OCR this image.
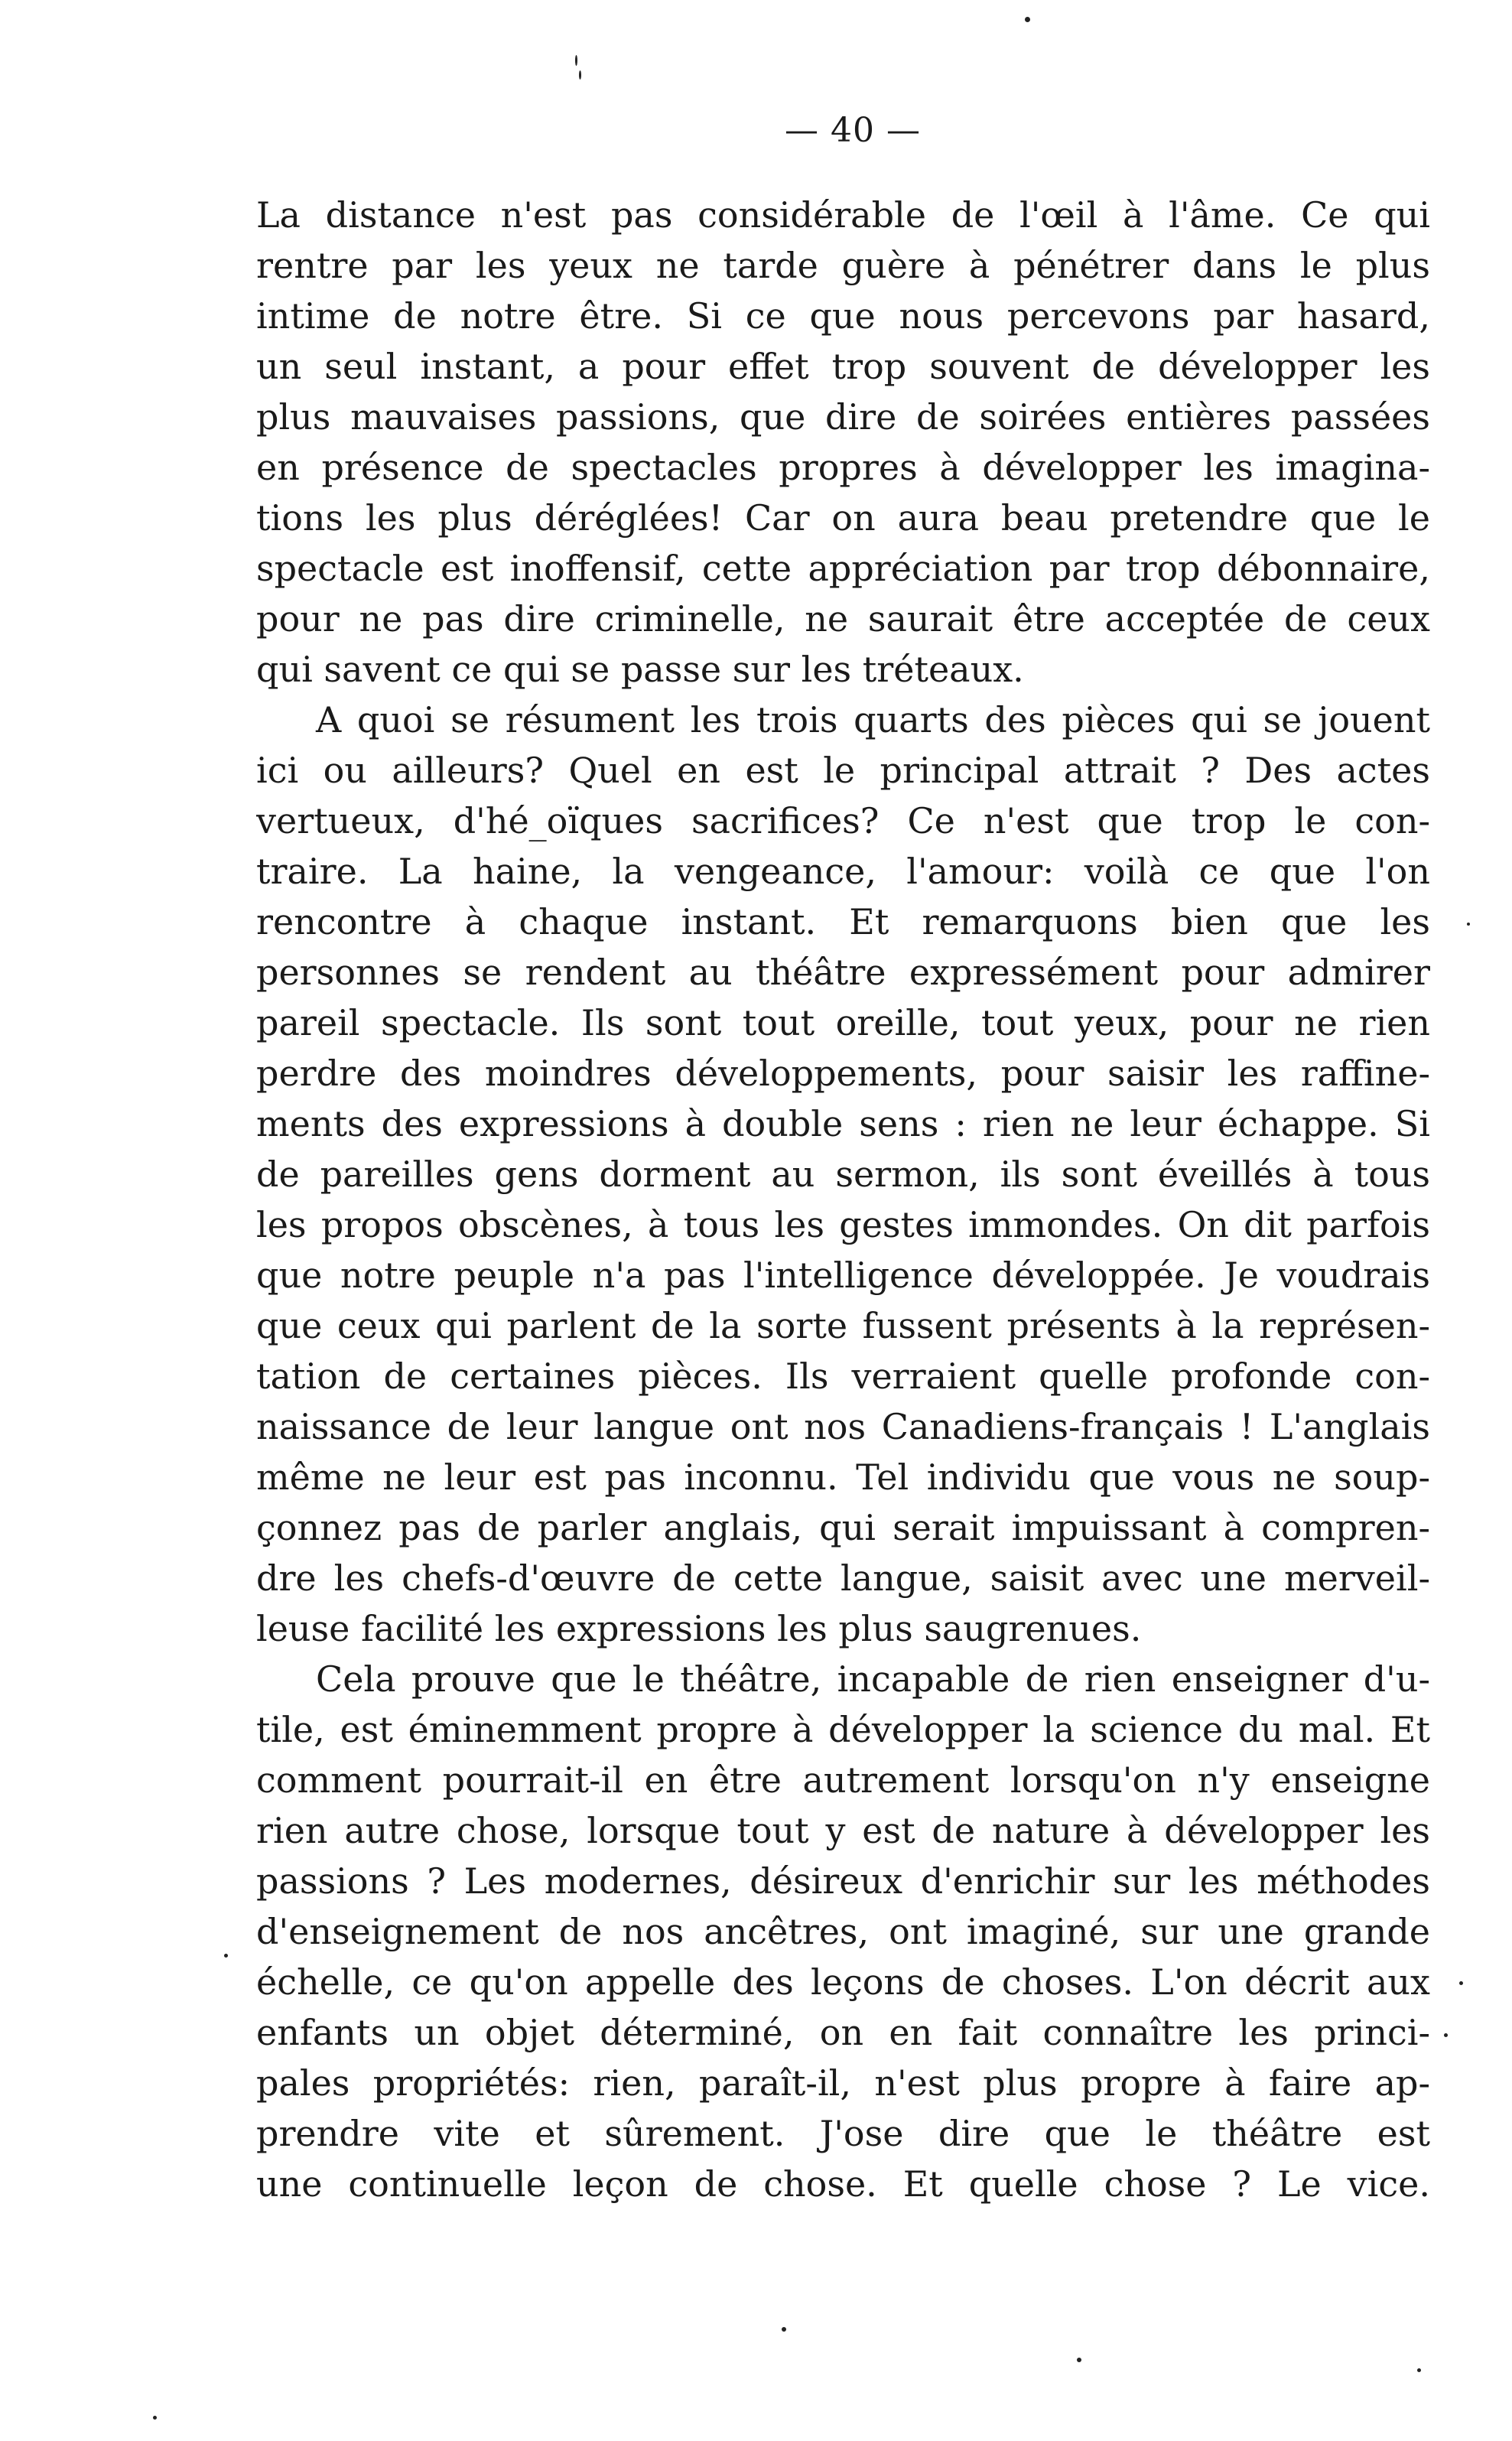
— 40 —
La distance n'est pas considérable de l'œil à l'âme. Ce qui
rentre par les yeux ne tarde guère à pénétrer dans le plus
intime de notre être. Si ce que nous percevons par hasard,
un seul instant, a pour effet trop souvent de développer les
plus mauvaises passions, que dire de soirées entières passées
en présence de spectacles propres à développer les imagina-
tions les plus déréglées! Car on aura beau pretendre que le
spectacle est inoffensif, cette appréciation par trop débonnaire,
pour ne pas dire criminelle, ne saurait être acceptée de ceux
qui savent ce qui se passe sur les tréteaux.
A quoi se résument les trois quarts des pièces qui se jouent
ici ou ailleurs? Quel en est le principal attrait ? Des actes
vertueux, d'hé_oïques sacrifices? Ce n'est que trop le con-
traire. La haine, la vengeance, l'amour: voilà ce que l'on
rencontre à chaque instant. Et remarquons bien que les
personnes se rendent au théâtre expressément pour admirer
pareil spectacle. Ils sont tout oreille, tout yeux, pour ne rien
perdre des moindres développements, pour saisir les raffine-
ments des expressions à double sens : rien ne leur échappe. Si
de pareilles gens dorment au sermon, ils sont éveillés à tous
les propos obscènes, à tous les gestes immondes. On dit parfois
que notre peuple n'a pas l'intelligence développée. Je voudrais
que ceux qui parlent de la sorte fussent présents à la représen-
tation de certaines pièces. Ils verraient quelle profonde con-
naissance de leur langue ont nos Canadiens-français ! L'anglais
même ne leur est pas inconnu. Tel individu que vous ne soup-
çonnez pas de parler anglais, qui serait impuissant à compren-
dre les chefs-d'œuvre de cette langue, saisit avec une merveil-
leuse facilité les expressions les plus saugrenues.
Cela prouve que le théâtre, incapable de rien enseigner d'u-
tile, est éminemment propre à développer la science du mal. Et
comment pourrait-il en être autrement lorsqu'on n'y enseigne
rien autre chose, lorsque tout y est de nature à développer les
passions ? Les modernes, désireux d'enrichir sur les méthodes
d'enseignement de nos ancêtres, ont imaginé, sur une grande
échelle, ce qu'on appelle des leçons de choses. L'on décrit aux
enfants un objet déterminé, on en fait connaître les princi-
pales propriétés: rien, paraît-il, n'est plus propre à faire ap-
prendre vite et sûrement. J'ose dire que le théâtre est
une continuelle leçon de chose. Et quelle chose ? Le vice.
